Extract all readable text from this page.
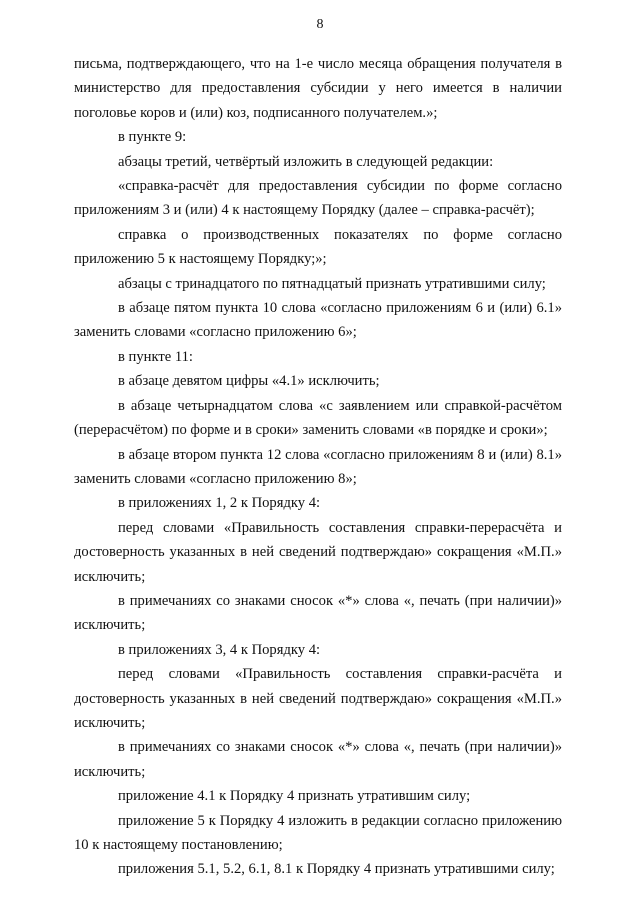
8

письма, подтверждающего, что на 1-е число месяца обращения получателя в министерство для предоставления субсидии у него имеется в наличии поголовье коров и (или) коз, подписанного получателем.»;

в пункте 9:

абзацы третий, четвёртый изложить в следующей редакции:

«справка-расчёт для предоставления субсидии по форме согласно приложениям 3 и (или) 4 к настоящему Порядку (далее – справка-расчёт);

справка о производственных показателях по форме согласно приложению 5 к настоящему Порядку;»;

абзацы с тринадцатого по пятнадцатый признать утратившими силу;

в абзаце пятом пункта 10 слова «согласно приложениям 6 и (или) 6.1» заменить словами «согласно приложению 6»;

в пункте 11:

в абзаце девятом цифры «4.1» исключить;

в абзаце четырнадцатом слова «с заявлением или справкой-расчётом (перерасчётом) по форме и в сроки» заменить словами «в порядке и сроки»;

в абзаце втором пункта 12 слова «согласно приложениям 8 и (или) 8.1» заменить словами «согласно приложению 8»;

в приложениях 1, 2 к Порядку 4:

перед словами «Правильность составления справки-перерасчёта и достоверность указанных в ней сведений подтверждаю» сокращения «М.П.» исключить;

в примечаниях со знаками сносок «*» слова «, печать (при наличии)» исключить;

в приложениях 3, 4 к Порядку 4:

перед словами «Правильность составления справки-расчёта и достоверность указанных в ней сведений подтверждаю» сокращения «М.П.» исключить;

в примечаниях со знаками сносок «*» слова «, печать (при наличии)» исключить;

приложение 4.1 к Порядку 4 признать утратившим силу;

приложение 5 к Порядку 4 изложить в редакции согласно приложению 10 к настоящему постановлению;

приложения 5.1, 5.2, 6.1, 8.1 к Порядку 4 признать утратившими силу;
